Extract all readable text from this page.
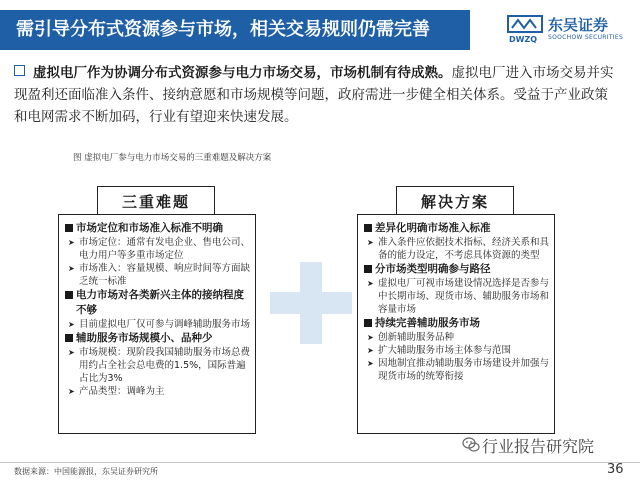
需引导分布式资源参与市场，相关交易规则仍需完善	DWZQ
东吴证券
SOOCHOW SECURITIES
虚拟电厂作为协调分布式资源参与电力市场交易，市场机制有待成熟。虚拟电厂进入市场交易并实现盈利还面临准入条件、接纳意愿和市场规模等问题，政府需进一步健全相关体系。受益于产业政策和电网需求不断加码，行业有望迎来快速发展。
图 虚拟电厂参与电力市场交易的三重难题及解决方案
三重难题	解决方案
市场定位和市场准入标准不明确
➤ 市场定位：通常有发电企业、售电公司、电力用户等多重市场定位
➤ 市场准入：容量规模、响应时间等方面缺乏统一标准
电力市场对各类新兴主体的接纳程度不够
➤ 目前虚拟电厂仅可参与调峰辅助服务市场
辅助服务市场规模小、品种少
➤ 市场规模：现阶段我国辅助服务市场总费用约占全社会总电费的1.5%，国际普遍占比为3%
➤ 产品类型：调峰为主
差异化明确市场准入标准
➤ 准入条件应依据技术指标、经济关系和具备的能力设定，不考虑具体资源的类型
分市场类型明确参与路径
➤ 虚拟电厂可视市场建设情况选择是否参与中长期市场、现货市场、辅助服务市场和容量市场
持续完善辅助服务市场
➤ 创新辅助服务品种
➤ 扩大辅助服务市场主体参与范围
➤ 因地制宜推动辅助服务市场建设并加强与现货市场的统筹衔接
行业报告研究院
数据来源：中国能源报，东吴证券研究所	36
